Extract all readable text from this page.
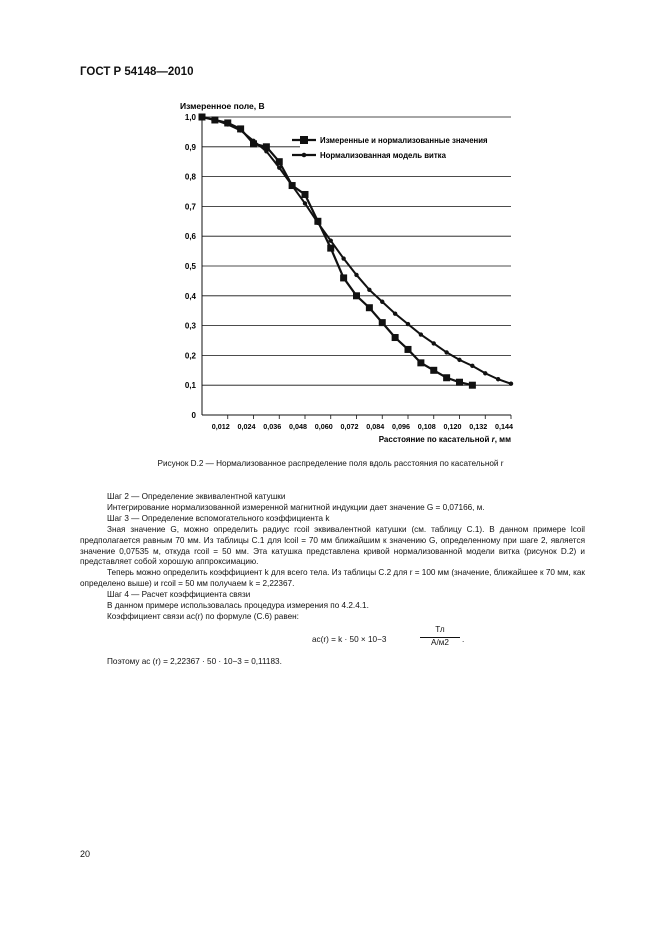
ГОСТ Р 54148—2010
0
0,1
0,2
0,3
0,4
0,5
0,6
0,7
0,8
0,9
1,0
0,012 0,024 0,036 0,048 0,060 0,072 0,084 0,096 0,108 0,120 0,132 0,144
Измеренное поле, В
Расстояние по касательной r, мм
Измеренные и нормализованные значения
Нормализованная модель витка
Рисунок D.2 — Нормализованное распределение поля вдоль расстояния по касательной r

Шаг 2 — Определение эквивалентной катушки

Интегрирование нормализованной измеренной магнитной индукции дает значение G = 0,07166, м.

Шаг 3 — Определение вспомогательного коэффициента k

Зная значение G, можно определить радиус rcoil эквивалентной катушки (см. таблицу С.1). В данном примере lcoil предполагается равным 70 мм. Из таблицы С.1 для lcoil = 70 мм ближайшим к значению G, определенному при шаге 2, является значение 0,07535 м, откуда rcoil = 50 мм. Эта катушка представлена кривой нормализованной модели витка (рисунок D.2) и представляет собой хорошую аппроксимацию.

Теперь можно определить коэффициент k для всего тела. Из таблицы С.2 для r = 100 мм (значение, ближайшее к 70 мм, как определено выше) и rcoil = 50 мм получаем k = 2,22367.

Шаг 4 — Расчет коэффициента связи

В данном примере использовалась процедура измерения по 4.2.4.1.

Коэффициент связи ac(r) по формуле (С.6) равен:

ac(r) = k · 50 × 10−3
Тл
А/м2	.

Поэтому ac (r) = 2,22367 · 50 · 10−3 = 0,11183.

20
